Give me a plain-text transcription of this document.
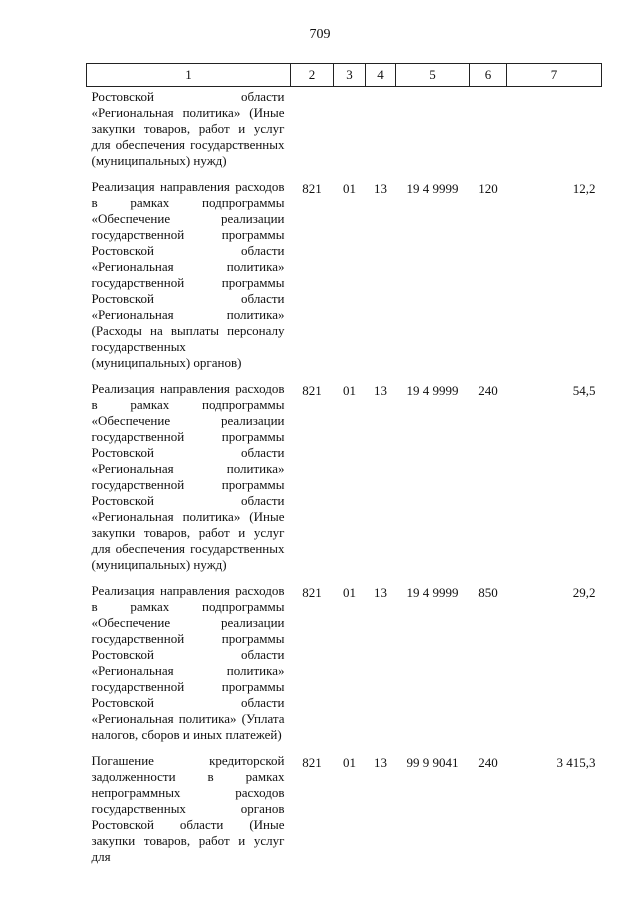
709
1	2	3	4	5	6	7
Ростовской области «Региональная политика» (Иные закупки товаров, работ и услуг для обеспечения государственных (муниципальных) нужд)						
Реализация направления расходов в рамках подпрограммы «Обеспечение реализации государственной программы Ростовской области «Региональная политика» государственной программы Ростовской области «Региональная политика» (Расходы на выплаты персоналу государственных (муниципальных) органов)	821	01	13	19 4 9999	120	12,2
Реализация направления расходов в рамках подпрограммы «Обеспечение реализации государственной программы Ростовской области «Региональная политика» государственной программы Ростовской области «Региональная политика» (Иные закупки товаров, работ и услуг для обеспечения государственных (муниципальных) нужд)	821	01	13	19 4 9999	240	54,5
Реализация направления расходов в рамках подпрограммы «Обеспечение реализации государственной программы Ростовской области «Региональная политика» государственной программы Ростовской области «Региональная политика» (Уплата налогов, сборов и иных платежей)	821	01	13	19 4 9999	850	29,2
Погашение кредиторской задолженности в рамках непрограммных расходов государственных органов Ростовской области (Иные закупки товаров, работ и услуг для	821	01	13	99 9 9041	240	3 415,3
